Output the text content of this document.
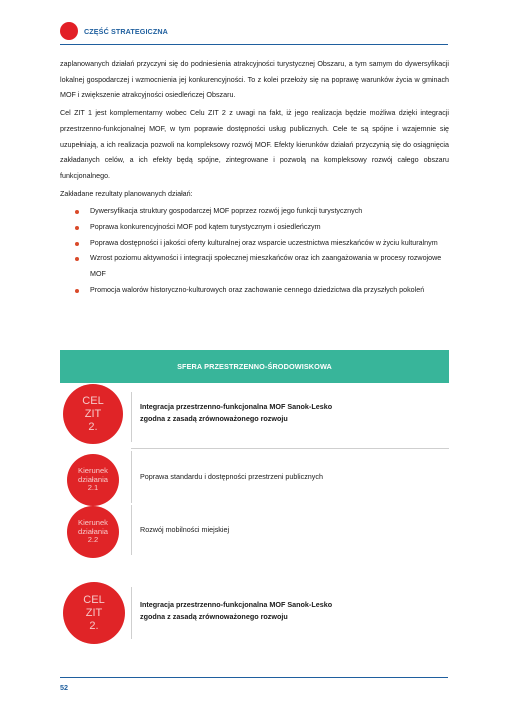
CZĘŚĆ STRATEGICZNA

zaplanowanych działań przyczyni się do podniesienia atrakcyjności turystycznej Obszaru, a tym samym do dywersyfikacji lokalnej gospodarczej i wzmocnienia jej konkurencyjności. To z kolei przełoży się na poprawę warunków życia w gminach MOF i zwiększenie atrakcyjności osiedleńczej Obszaru.

Cel ZIT 1 jest komplementarny wobec Celu ZIT 2 z uwagi na fakt, iż jego realizacja będzie możliwa dzięki integracji przestrzenno-funkcjonalnej MOF, w tym poprawie dostępności usług publicznych. Cele te są spójne i wzajemnie się uzupełniają, a ich realizacja pozwoli na kompleksowy rozwój MOF. Efekty kierunków działań przyczynią się do osiągnięcia zakładanych celów, a ich efekty będą spójne, zintegrowane i pozwolą na kompleksowy rozwój całego obszaru funkcjonalnego.

Zakładane rezultaty planowanych działań:

Dywersyfikacja struktury gospodarczej MOF poprzez rozwój jego funkcji turystycznych
Poprawa konkurencyjności MOF pod kątem turystycznym i osiedleńczym
Poprawa dostępności i jakości oferty kulturalnej oraz wsparcie uczestnictwa mieszkańców w życiu kulturalnym
Wzrost poziomu aktywności i integracji społecznej mieszkańców oraz ich zaangażowania w procesy rozwojowe MOF
Promocja walorów historyczno-kulturowych oraz zachowanie cennego dziedzictwa dla przyszłych pokoleń
SFERA PRZESTRZENNO-ŚRODOWISKOWA
CEL
ZIT
2.
Integracja przestrzenno-funkcjonalna MOF Sanok-Lesko zgodna z zasadą zrównoważonego rozwoju
Kierunek
działania
2.1
Poprawa standardu i dostępności przestrzeni publicznych
Kierunek
działania
2.2
Rozwój mobilności miejskiej
CEL
ZIT
2.
Integracja przestrzenno-funkcjonalna MOF Sanok-Lesko zgodna z zasadą zrównoważonego rozwoju
52
